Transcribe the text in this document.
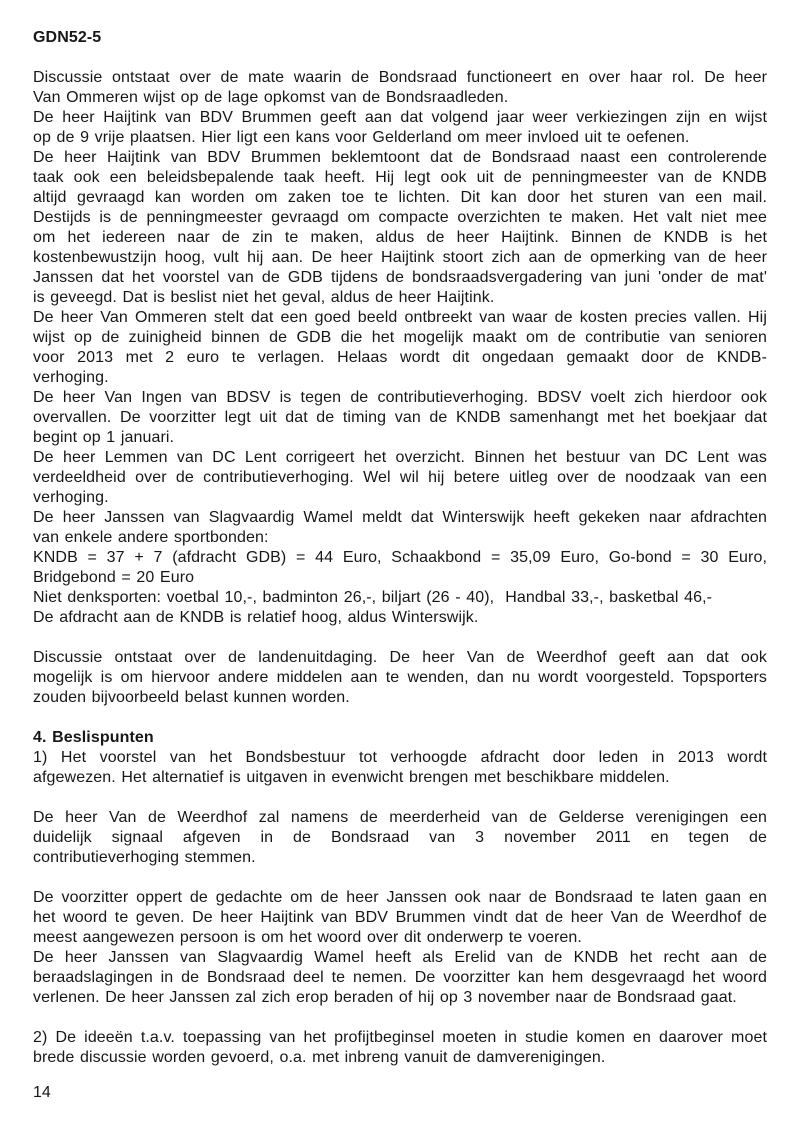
GDN52-5
Discussie ontstaat over de mate waarin de Bondsraad functioneert en over haar rol. De heer
Van Ommeren wijst op de lage opkomst van de Bondsraadleden.
De heer Haijtink van BDV Brummen geeft aan dat volgend jaar weer verkiezingen zijn en wijst
op de 9 vrije plaatsen. Hier ligt een kans voor Gelderland om meer invloed uit te oefenen.
De heer Haijtink van BDV Brummen beklemtoont dat de Bondsraad naast een controlerende
taak ook een beleidsbepalende taak heeft. Hij legt ook uit de penningmeester van de KNDB
altijd gevraagd kan worden om zaken toe te lichten. Dit kan door het sturen van een mail.
Destijds is de penningmeester gevraagd om compacte overzichten te maken. Het valt niet mee
om het iedereen naar de zin te maken, aldus de heer Haijtink. Binnen de KNDB is het
kostenbewustzijn hoog, vult hij aan. De heer Haijtink stoort zich aan de opmerking van de heer
Janssen dat het voorstel van de GDB tijdens de bondsraadsvergadering van juni 'onder de mat'
is geveegd. Dat is beslist niet het geval, aldus de heer Haijtink.
De heer Van Ommeren stelt dat een goed beeld ontbreekt van waar de kosten precies vallen. Hij
wijst op de zuinigheid binnen de GDB die het mogelijk maakt om de contributie van senioren
voor 2013 met 2 euro te verlagen. Helaas wordt dit ongedaan gemaakt door de KNDB-
verhoging.
De heer Van Ingen van BDSV is tegen de contributieverhoging. BDSV voelt zich hierdoor ook
overvallen. De voorzitter legt uit dat de timing van de KNDB samenhangt met het boekjaar dat
begint op 1 januari.
De heer Lemmen van DC Lent corrigeert het overzicht. Binnen het bestuur van DC Lent was
verdeeldheid over de contributieverhoging. Wel wil hij betere uitleg over de noodzaak van een
verhoging.
De heer Janssen van Slagvaardig Wamel meldt dat Winterswijk heeft gekeken naar afdrachten
van enkele andere sportbonden:
KNDB = 37 + 7 (afdracht GDB) = 44 Euro, Schaakbond = 35,09 Euro, Go-bond = 30 Euro,
Bridgebond = 20 Euro
Niet denksporten: voetbal 10,-, badminton 26,-, biljart (26 - 40),  Handbal 33,-, basketbal 46,-
De afdracht aan de KNDB is relatief hoog, aldus Winterswijk.
Discussie ontstaat over de landenuitdaging. De heer Van de Weerdhof geeft aan dat ook
mogelijk is om hiervoor andere middelen aan te wenden, dan nu wordt voorgesteld. Topsporters
zouden bijvoorbeeld belast kunnen worden.
4. Beslispunten
1) Het voorstel van het Bondsbestuur tot verhoogde afdracht door leden in 2013 wordt
afgewezen. Het alternatief is uitgaven in evenwicht brengen met beschikbare middelen.
De heer Van de Weerdhof zal namens de meerderheid van de Gelderse verenigingen een
duidelijk signaal afgeven in de Bondsraad van 3 november 2011 en tegen de
contributieverhoging stemmen.
De voorzitter oppert de gedachte om de heer Janssen ook naar de Bondsraad te laten gaan en
het woord te geven. De heer Haijtink van BDV Brummen vindt dat de heer Van de Weerdhof de
meest aangewezen persoon is om het woord over dit onderwerp te voeren.
De heer Janssen van Slagvaardig Wamel heeft als Erelid van de KNDB het recht aan de
beraadslagingen in de Bondsraad deel te nemen. De voorzitter kan hem desgevraagd het woord
verlenen. De heer Janssen zal zich erop beraden of hij op 3 november naar de Bondsraad gaat.
2) De ideeën t.a.v. toepassing van het profijtbeginsel moeten in studie komen en daarover moet
brede discussie worden gevoerd, o.a. met inbreng vanuit de damverenigingen.
14
